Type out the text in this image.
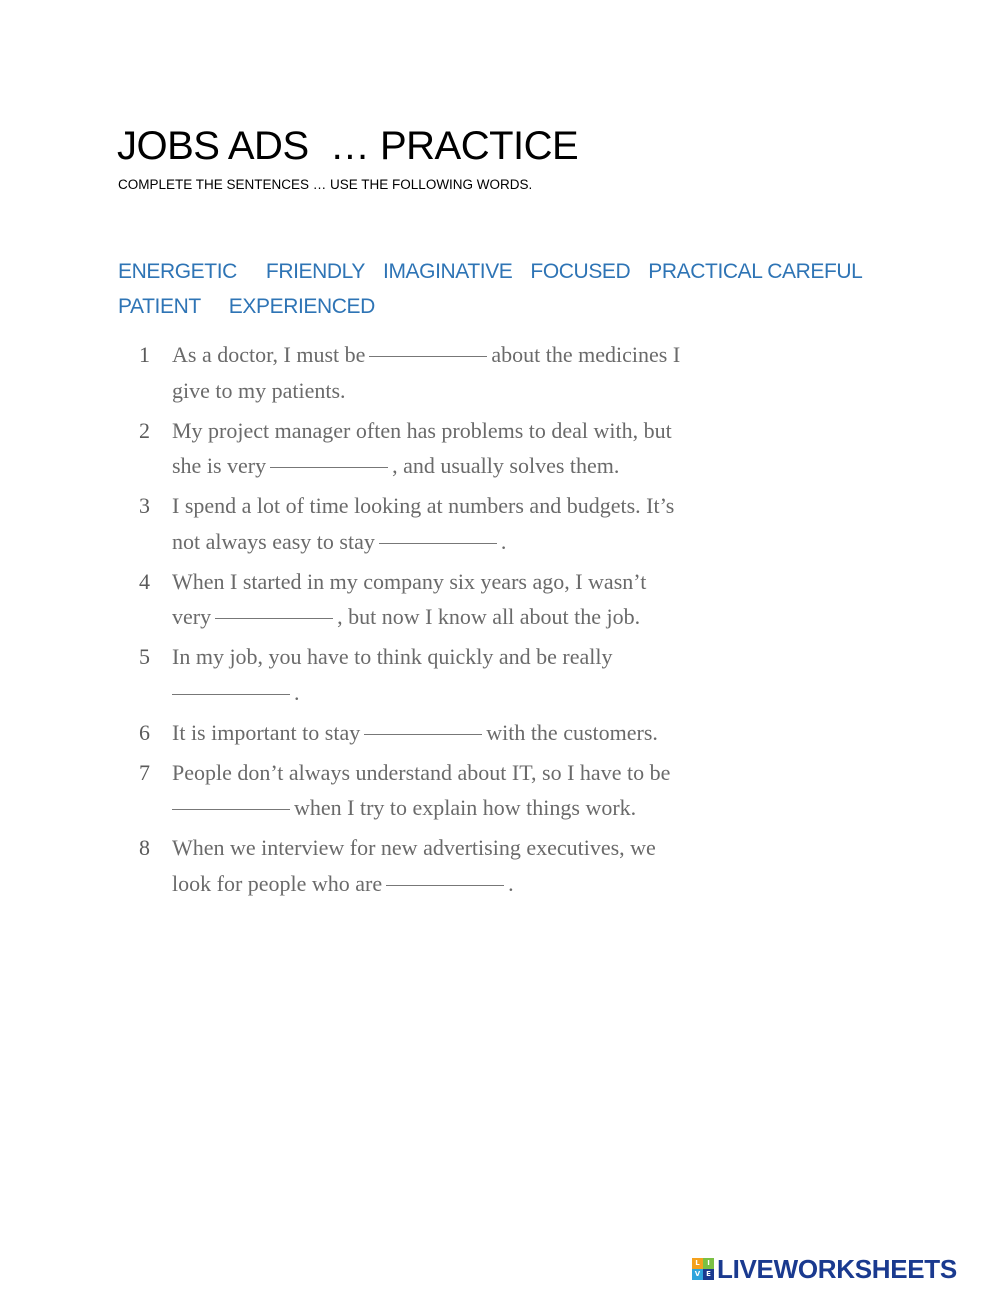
JOBS ADS  … PRACTICE

COMPLETE THE SENTENCES … USE THE FOLLOWING WORDS.

ENERGETIC FRIENDLY IMAGINATIVE FOCUSED PRACTICAL CAREFUL
PATIENT EXPERIENCED
1	As a doctor, I must be	about the medicines I
give to my patients.
2	My project manager often has problems to deal with, but
she is very	, and usually solves them.
3	I spend a lot of time looking at numbers and budgets. It’s
not always easy to stay	.
4	When I started in my company six years ago, I wasn’t
very	, but now I know all about the job.
5	In my job, you have to think quickly and be really
.
6	It is important to stay	with the customers.
7	People don’t always understand about IT, so I have to be
when I try to explain how things work.
8	When we interview for new advertising executives, we
look for people who are	.
L	I
V E LIVEWORKSHEETS
